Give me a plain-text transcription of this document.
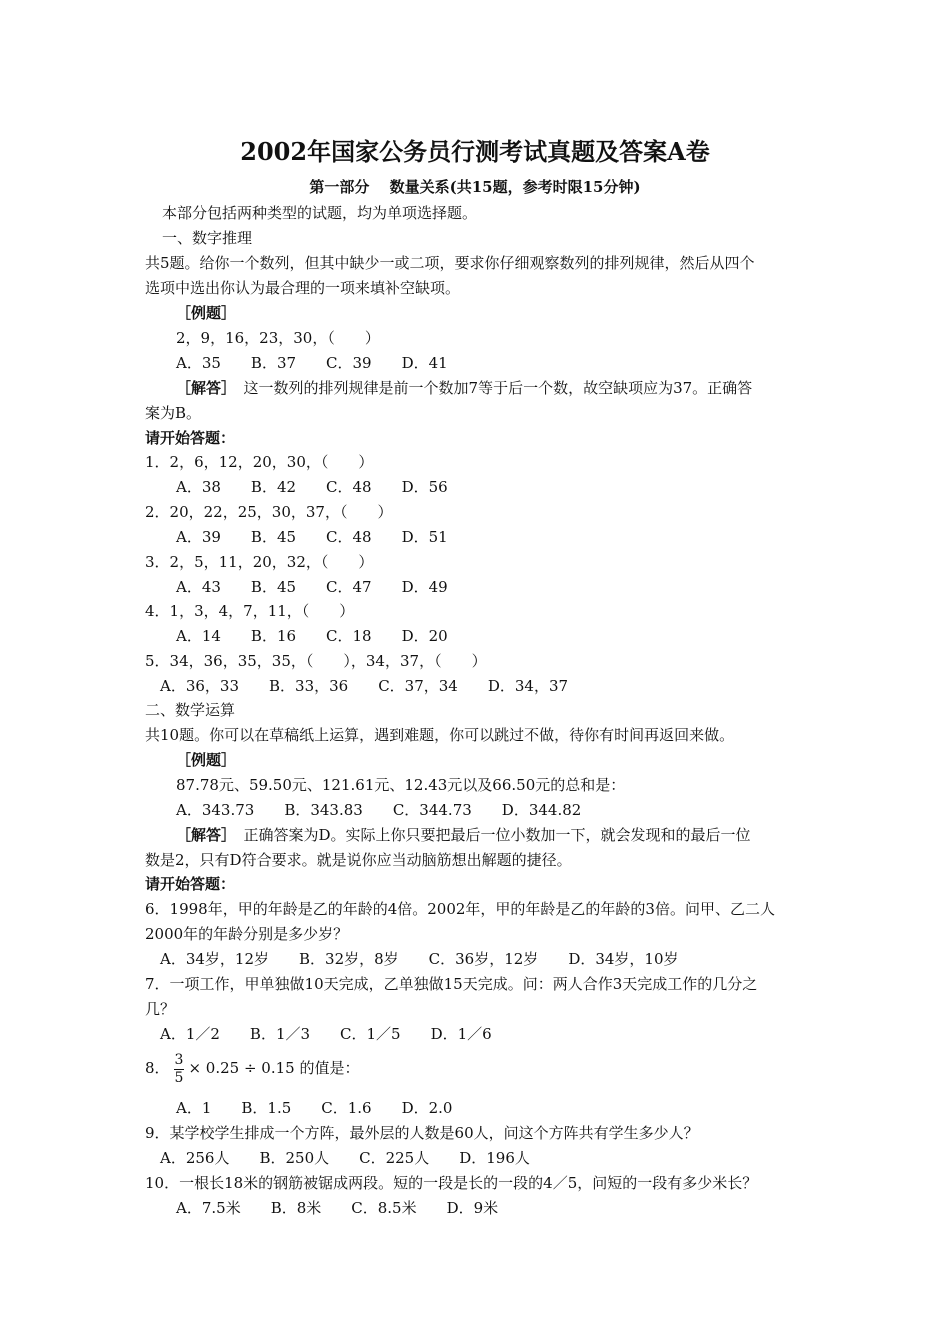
2002年国家公务员行测考试真题及答案A卷
第一部分　 数量关系(共15题，参考时限15分钟)
本部分包括两种类型的试题，均为单项选择题。
一、数字推理
共5题。给你一个数列，但其中缺少一或二项，要求你仔细观察数列的排列规律，然后从四个
选项中选出你认为最合理的一项来填补空缺项。
［例题］
2，9，16，23，30，（　　）
A．35　　B．37　　C．39　　D．41
［解答］　 这一数列的排列规律是前一个数加7等于后一个数，故空缺项应为37。正确答
案为B。
请开始答题：
1．2，6，12，20，30，（　　）
A．38　　B．42　　C．48　　D．56
2．20，22，25，30，37，（　　）
A．39　　B．45　　C．48　　D．51
3．2，5，11，20，32，（　　）
A．43　　B．45　　C．47　　D．49
4．1，3，4，7，11，（　　）
A．14　　B．16　　C．18　　D．20
5．34，36，35，35，（　　），34，37，（　　）
A．36，33　　B．33，36　　C．37，34　　D．34，37
二、数学运算
共10题。你可以在草稿纸上运算，遇到难题，你可以跳过不做，待你有时间再返回来做。
［例题］
87.78元、59.50元、121.61元、12.43元以及66.50元的总和是：
A．343.73　　B．343.83　　C．344.73　　D．344.82
［解答］　 正确答案为D。实际上你只要把最后一位小数加一下，就会发现和的最后一位
数是2，只有D符合要求。就是说你应当动脑筋想出解题的捷径。
请开始答题：
6．1998年，甲的年龄是乙的年龄的4倍。2002年，甲的年龄是乙的年龄的3倍。问甲、乙二人
2000年的年龄分别是多少岁？
A．34岁，12岁　　B．32岁，8岁　　C．36岁，12岁　　D．34岁，10岁
7．一项工作，甲单独做10天完成，乙单独做15天完成。问：两人合作3天完成工作的几分之
几？
A．1／2　　B．1／3　　C．1／5　　D．1／6
8． $\frac{3}{5} \times 0.25 \div 0.15$ 的值是：
A．1　　B．1.5　　C．1.6　　D．2.0
9．某学校学生排成一个方阵，最外层的人数是60人，问这个方阵共有学生多少人？
A．256人　　B．250人　　C．225人　　D．196人
10．一根长18米的钢筋被锯成两段。短的一段是长的一段的4／5，问短的一段有多少米长？
A．7.5米　　B．8米　　C．8.5米　　D．9米
